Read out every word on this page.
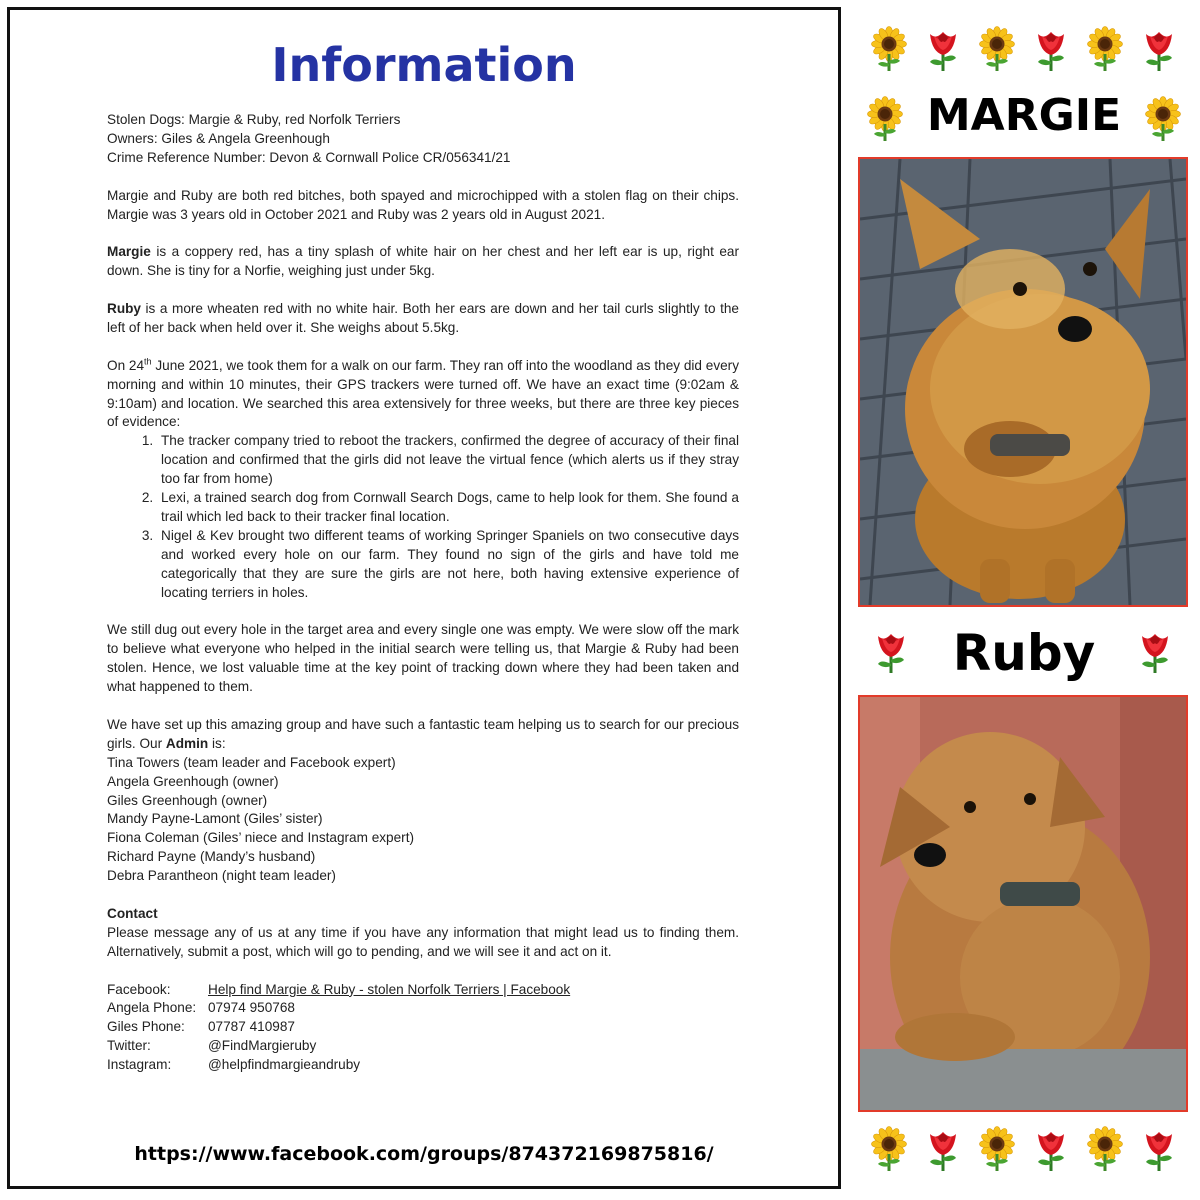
Information

Stolen Dogs: Margie & Ruby, red Norfolk Terriers

Owners: Giles & Angela Greenhough

Crime Reference Number: Devon & Cornwall Police CR/056341/21

Margie and Ruby are both red bitches, both spayed and microchipped with a stolen flag on their chips. Margie was 3 years old in October 2021 and Ruby was 2 years old in August 2021.

Margie is a coppery red, has a tiny splash of white hair on her chest and her left ear is up, right ear down. She is tiny for a Norfie, weighing just under 5kg.

Ruby is a more wheaten red with no white hair. Both her ears are down and her tail curls slightly to the left of her back when held over it. She weighs about 5.5kg.

On 24th June 2021, we took them for a walk on our farm. They ran off into the woodland as they did every morning and within 10 minutes, their GPS trackers were turned off. We have an exact time (9:02am & 9:10am) and location. We searched this area extensively for three weeks, but there are three key pieces of evidence:

1. The tracker company tried to reboot the trackers, confirmed the degree of accuracy of their final location and confirmed that the girls did not leave the virtual fence (which alerts us if they stray too far from home)
2. Lexi, a trained search dog from Cornwall Search Dogs, came to help look for them. She found a trail which led back to their tracker final location.
3. Nigel & Kev brought two different teams of working Springer Spaniels on two consecutive days and worked every hole on our farm. They found no sign of the girls and have told me categorically that they are sure the girls are not here, both having extensive experience of locating terriers in holes.

We still dug out every hole in the target area and every single one was empty. We were slow off the mark to believe what everyone who helped in the initial search were telling us, that Margie & Ruby had been stolen. Hence, we lost valuable time at the key point of tracking down where they had been taken and what happened to them.

We have set up this amazing group and have such a fantastic team helping us to search for our precious girls. Our Admin is:

Tina Towers (team leader and Facebook expert)

Angela Greenhough (owner)

Giles Greenhough (owner)

Mandy Payne-Lamont (Giles’ sister)

Fiona Coleman (Giles’ niece and Instagram expert)

Richard Payne (Mandy’s husband)

Debra Parantheon (night team leader)

Contact

Please message any of us at any time if you have any information that might lead us to finding them. Alternatively, submit a post, which will go to pending, and we will see it and act on it.

Facebook:	Help find Margie & Ruby - stolen Norfolk Terriers | Facebook
Angela Phone: 07974 950768
Giles Phone:	07787 410987
Twitter:	@FindMargieruby
Instagram:	@helpfindmargieandruby
https://www.facebook.com/groups/874372169875816/
MARGIE
Ruby
